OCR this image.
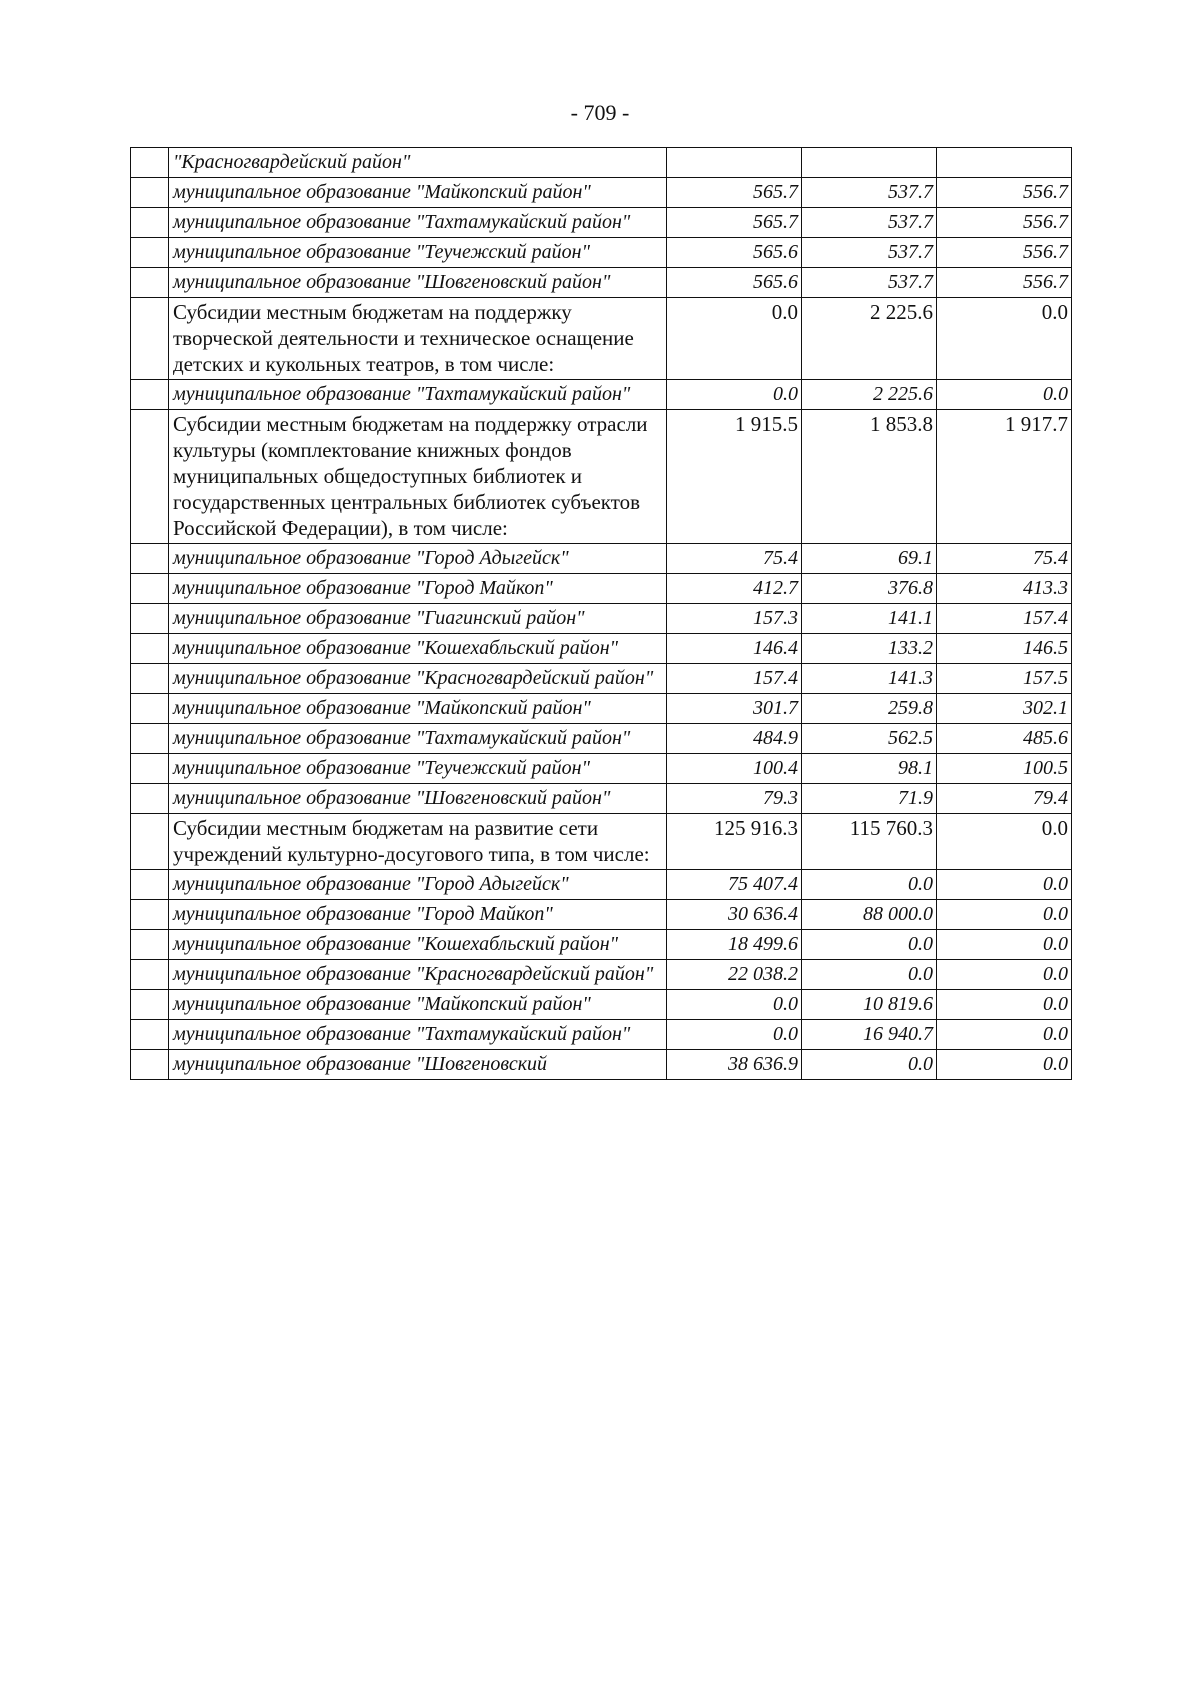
- 709 -
	"Красногвардейский район"			
	муниципальное образование "Майкопский район"	565.7	537.7	556.7
	муниципальное образование "Тахтамукайский район"	565.7	537.7	556.7
	муниципальное образование "Теучежский район"	565.6	537.7	556.7
	муниципальное образование "Шовгеновский район"	565.6	537.7	556.7
	Субсидии местным бюджетам на поддержку творческой деятельности и техническое оснащение детских и кукольных театров, в том числе:	0.0	2 225.6	0.0
	муниципальное образование "Тахтамукайский район"	0.0	2 225.6	0.0
	Субсидии местным бюджетам на поддержку отрасли культуры (комплектование книжных фондов муниципальных общедоступных библиотек и государственных центральных библиотек субъектов Российской Федерации), в том числе:	1 915.5	1 853.8	1 917.7
	муниципальное образование "Город Адыгейск"	75.4	69.1	75.4
	муниципальное образование "Город Майкоп"	412.7	376.8	413.3
	муниципальное образование "Гиагинский район"	157.3	141.1	157.4
	муниципальное образование "Кошехабльский район"	146.4	133.2	146.5
	муниципальное образование "Красногвардейский район"	157.4	141.3	157.5
	муниципальное образование "Майкопский район"	301.7	259.8	302.1
	муниципальное образование "Тахтамукайский район"	484.9	562.5	485.6
	муниципальное образование "Теучежский район"	100.4	98.1	100.5
	муниципальное образование "Шовгеновский район"	79.3	71.9	79.4
	Субсидии местным бюджетам на развитие сети учреждений культурно-досугового типа, в том числе:	125 916.3	115 760.3	0.0
	муниципальное образование "Город Адыгейск"	75 407.4	0.0	0.0
	муниципальное образование "Город Майкоп"	30 636.4	88 000.0	0.0
	муниципальное образование "Кошехабльский район"	18 499.6	0.0	0.0
	муниципальное образование "Красногвардейский район"	22 038.2	0.0	0.0
	муниципальное образование "Майкопский район"	0.0	10 819.6	0.0
	муниципальное образование "Тахтамукайский район"	0.0	16 940.7	0.0
	муниципальное образование "Шовгеновский	38 636.9	0.0	0.0
